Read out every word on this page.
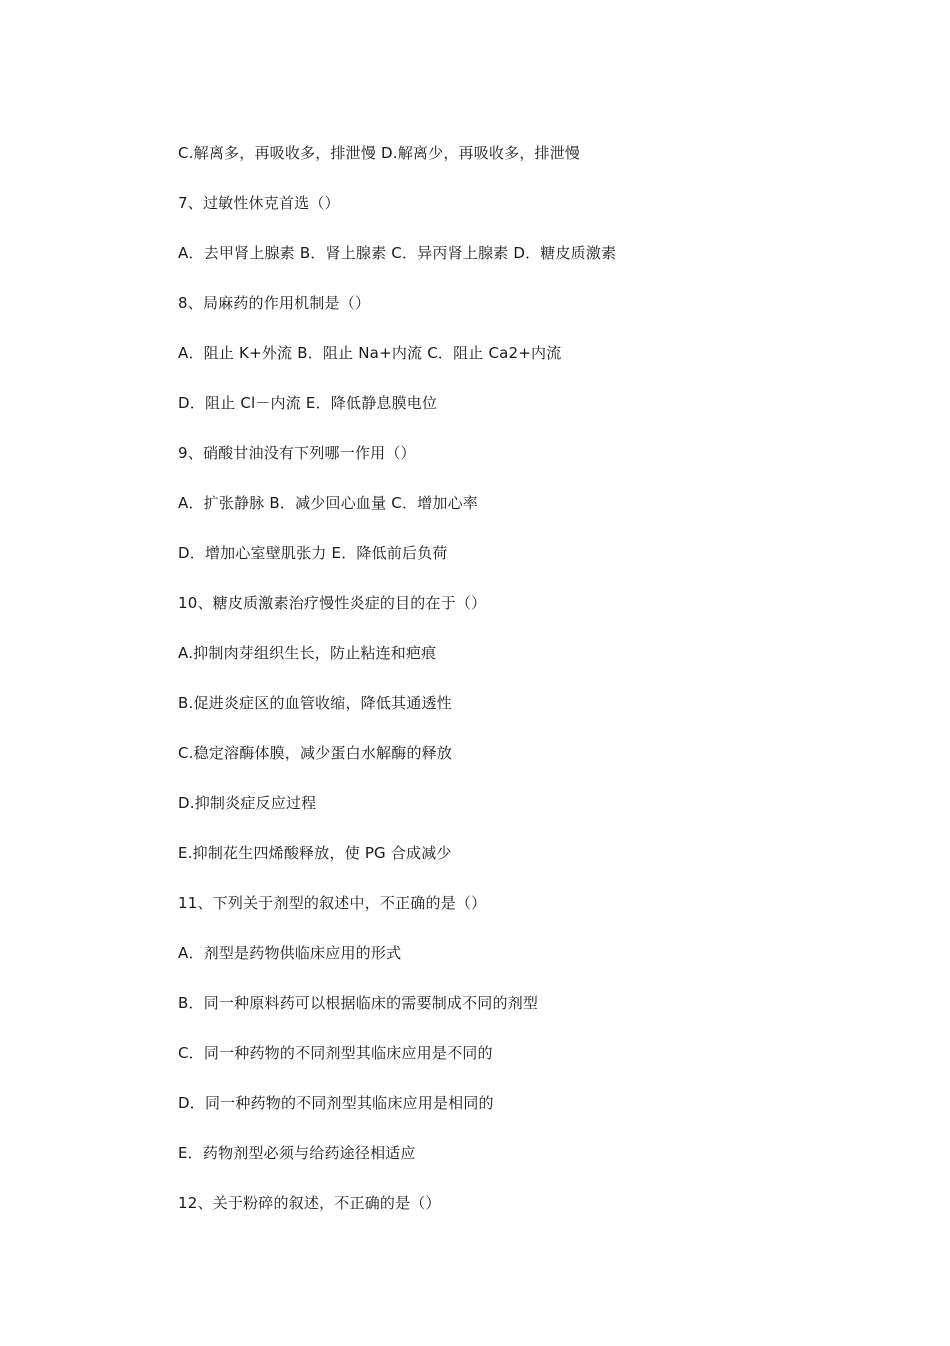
C.解离多，再吸收多，排泄慢 D.解离少，再吸收多，排泄慢
7、过敏性休克首选（）
A．去甲肾上腺素 B．肾上腺素 C．异丙肾上腺素 D．糖皮质激素
8、局麻药的作用机制是（）
A．阻止 K+外流 B．阻止 Na+内流 C．阻止 Ca2+内流
D．阻止 Cl－内流 E．降低静息膜电位
9、硝酸甘油没有下列哪一作用（）
A．扩张静脉 B．减少回心血量 C．增加心率
D．增加心室壁肌张力 E．降低前后负荷
10、糖皮质激素治疗慢性炎症的目的在于（）
A.抑制肉芽组织生长，防止粘连和疤痕
B.促进炎症区的血管收缩，降低其通透性
C.稳定溶酶体膜，减少蛋白水解酶的释放
D.抑制炎症反应过程
E.抑制花生四烯酸释放，使 PG 合成减少
11、下列关于剂型的叙述中，不正确的是（）
A．剂型是药物供临床应用的形式
B．同一种原料药可以根据临床的需要制成不同的剂型
C．同一种药物的不同剂型其临床应用是不同的
D．同一种药物的不同剂型其临床应用是相同的
E．药物剂型必须与给药途径相适应
12、关于粉碎的叙述，不正确的是（）
